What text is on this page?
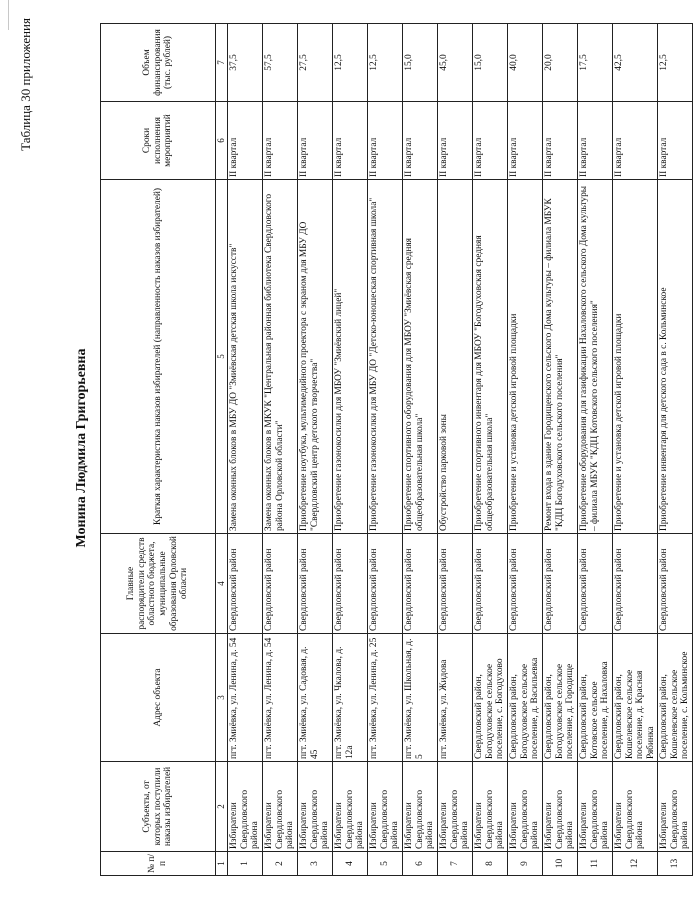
Таблица 30 приложения
Монина Людмила Григорьевна
№ п/п	Субъекты, от которых поступили наказы избирателей	Адрес объекта	Главные распорядители средств областного бюджета, муниципальные образования Орловской области	Краткая характеристика наказов избирателей (направленность наказов избирателей)	Сроки исполнения мероприятий	Объем финансирования (тыс. рублей)
1	2	3	4	5	6	7
1	Избиратели Свердловского района	пгт. Змиёвка, ул. Ленина, д. 54	Свердловский район	Замена оконных блоков в МБУ ДО "Змиёвская детская школа искусств"	II квартал	37,5
2	Избиратели Свердловского района	пгт. Змиёвка, ул. Ленина, д. 54	Свердловский район	Замена оконных блоков в МКУК "Центральная районная библиотека Свердловского района Орловской области"	II квартал	57,5
3	Избиратели Свердловского района	пгт. Змиёвка, ул. Садовая, д. 45	Свердловский район	Приобретение ноутбука, мультимедийного проектора с экраном для МБУ ДО "Свердловский центр детского творчества"	II квартал	27,5
4	Избиратели Свердловского района	пгт. Змиёвка, ул. Чкалова, д. 12а	Свердловский район	Приобретение газонокосилки для МБОУ "Змиёвский лицей"	II квартал	12,5
5	Избиратели Свердловского района	пгт. Змиёвка, ул. Ленина, д. 25	Свердловский район	Приобретение газонокосилки для МБУ ДО "Детско-юношеская спортивная школа"	II квартал	12,5
6	Избиратели Свердловского района	пгт. Змиёвка, ул. Школьная, д. 5	Свердловский район	Приобретение спортивного оборудования для МБОУ "Змиёвская средняя общеобразовательная школа"	II квартал	15,0
7	Избиратели Свердловского района	пгт. Змиёвка, ул. Жидова	Свердловский район	Обустройство парковой зоны	II квартал	45,0
8	Избиратели Свердловского района	Свердловский район, Богодуховское сельское поселение, с. Богодухово	Свердловский район	Приобретение спортивного инвентаря для МБОУ "Богодуховская средняя общеобразовательная школа"	II квартал	15,0
9	Избиратели Свердловского района	Свердловский район, Богодуховское сельское поселение, д. Васильевка	Свердловский район	Приобретение и установка детской игровой площадки	II квартал	40,0
10	Избиратели Свердловского района	Свердловский район, Богодуховское сельское поселение, д. Городище	Свердловский район	Ремонт входа в здание Городищенского сельского Дома культуры – филиала МБУК "КДЦ Богодуховского сельского поселения"	II квартал	20,0
11	Избиратели Свердловского района	Свердловский район, Котовское сельское поселение, д. Нахаловка	Свердловский район	Приобретение оборудования для газификации Нахаловского сельского Дома культуры – филиала МБУК "КДЦ Котовского сельского поселения"	II квартал	17,5
12	Избиратели Свердловского района	Свердловский район, Кошелевское сельское поселение, д. Красная Рябинка	Свердловский район	Приобретение и установка детской игровой площадки	II квартал	42,5
13	Избиратели Свердловского района	Свердловский район, Кошелевское сельское поселение, с. Кольминское	Свердловский район	Приобретение инвентаря для детского сада в с. Кольминское	II квартал	12,5
